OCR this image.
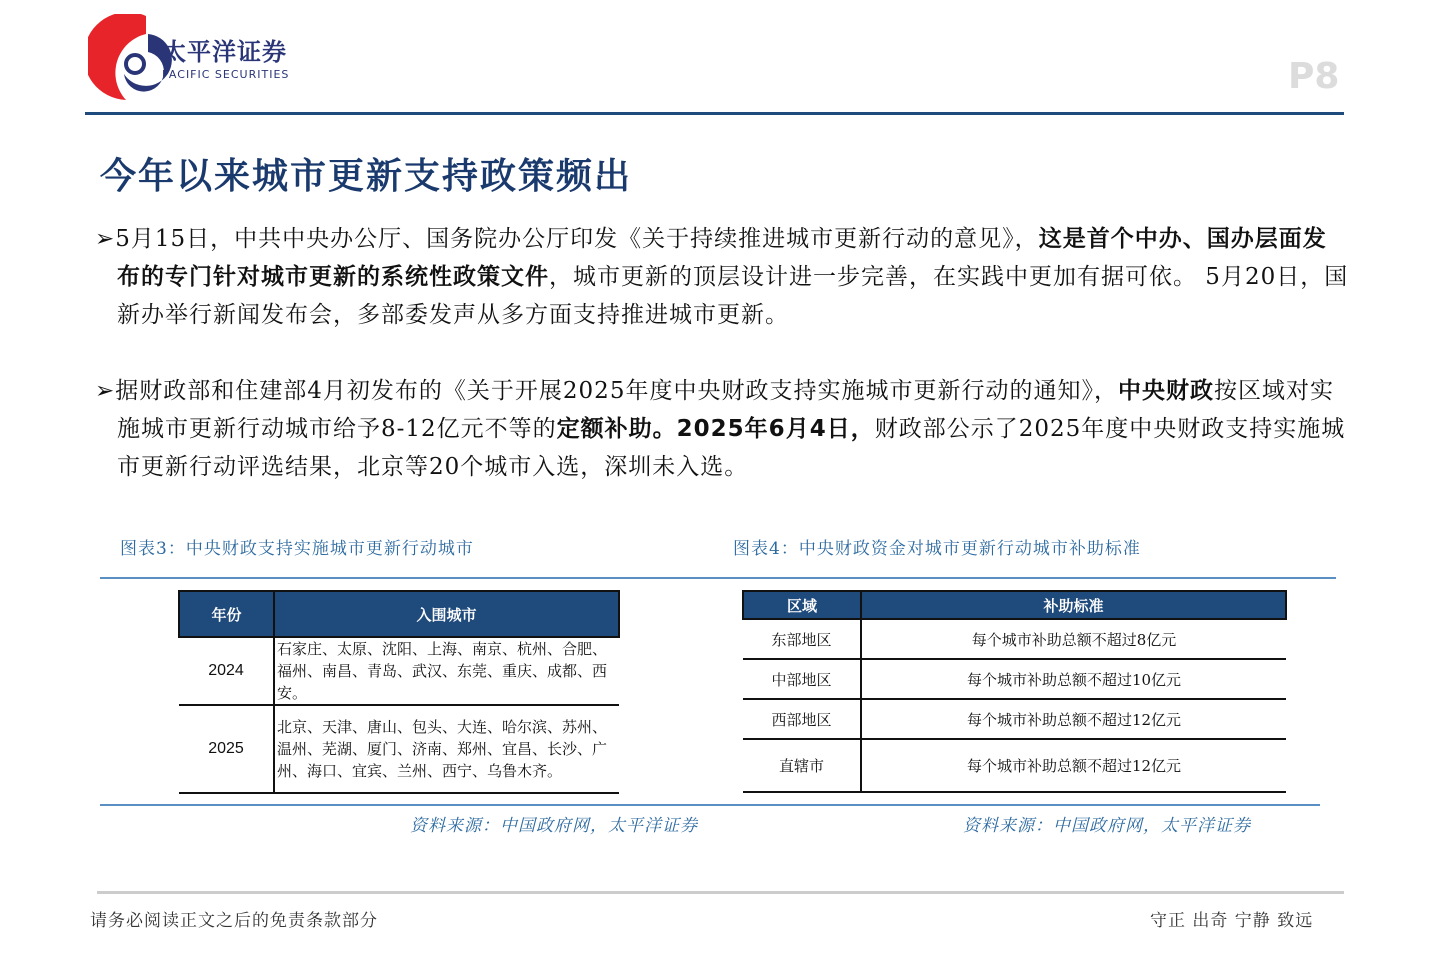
太平洋证券
PACIFIC SECURITIES	P8
今年以来城市更新支持政策频出
➢5月15日，中共中央办公厅、国务院办公厅印发《关于持续推进城市更新行动的意见》，这是首个中办、国办层面发布的专门针对城市更新的系统性政策文件，城市更新的顶层设计进一步完善，在实践中更加有据可依。 5月20日，国新办举行新闻发布会，多部委发声从多方面支持推进城市更新。
➢据财政部和住建部4月初发布的《关于开展2025年度中央财政支持实施城市更新行动的通知》，中央财政按区域对实施城市更新行动城市给予8-12亿元不等的定额补助。2025年6月4日，财政部公示了2025年度中央财政支持实施城市更新行动评选结果，北京等20个城市入选，深圳未入选。
图表3：中央财政支持实施城市更新行动城市	图表4：中央财政资金对城市更新行动城市补助标准
年份	入围城市
2024	石家庄、太原、沈阳、上海、南京、杭州、合肥、福州、南昌、青岛、武汉、东莞、重庆、成都、西安。
2025	北京、天津、唐山、包头、大连、哈尔滨、苏州、温州、芜湖、厦门、济南、郑州、宜昌、长沙、广州、海口、宜宾、兰州、西宁、乌鲁木齐。
区域	补助标准
东部地区	每个城市补助总额不超过8亿元
中部地区	每个城市补助总额不超过10亿元
西部地区	每个城市补助总额不超过12亿元
直辖市	每个城市补助总额不超过12亿元
资料来源：中国政府网，太平洋证券	资料来源：中国政府网，太平洋证券
请务必阅读正文之后的免责条款部分	守正 出奇 宁静 致远
